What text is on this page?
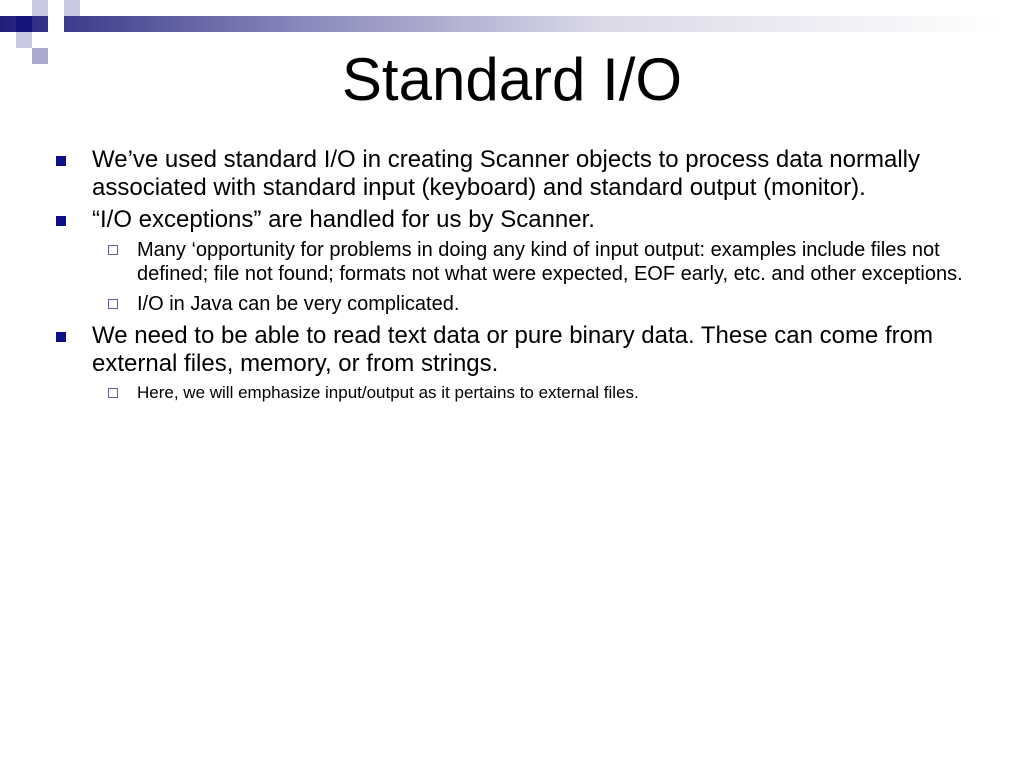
Standard I/O
We’ve used standard I/O in creating Scanner objects to process data normally associated with standard input (keyboard) and standard output (monitor).
“I/O exceptions” are handled for us by Scanner.
Many ‘opportunity for problems in doing any kind of input output: examples include files not defined; file not found; formats not what were expected, EOF early, etc. and other exceptions.
I/O in Java can be very complicated.
We need to be able to read text data or pure binary data. These can come from external files, memory, or from strings.
Here, we will emphasize input/output as it pertains to external files.
